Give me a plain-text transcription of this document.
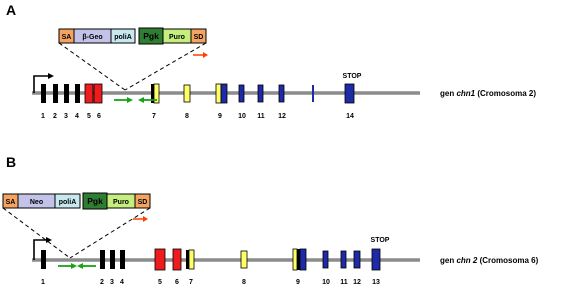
A
SA β-Geo poliA Pgk Puro SD
STOP
1 2 3 4 5 6	7	8	9 10 11 12	14
gen chn1 (Cromosoma 2)
B
SA Neo poliA Pgk Puro SD
STOP
1	2 3 4	5 6 7	8	9	10 11 12 13
gen chn 2 (Cromosoma 6)
